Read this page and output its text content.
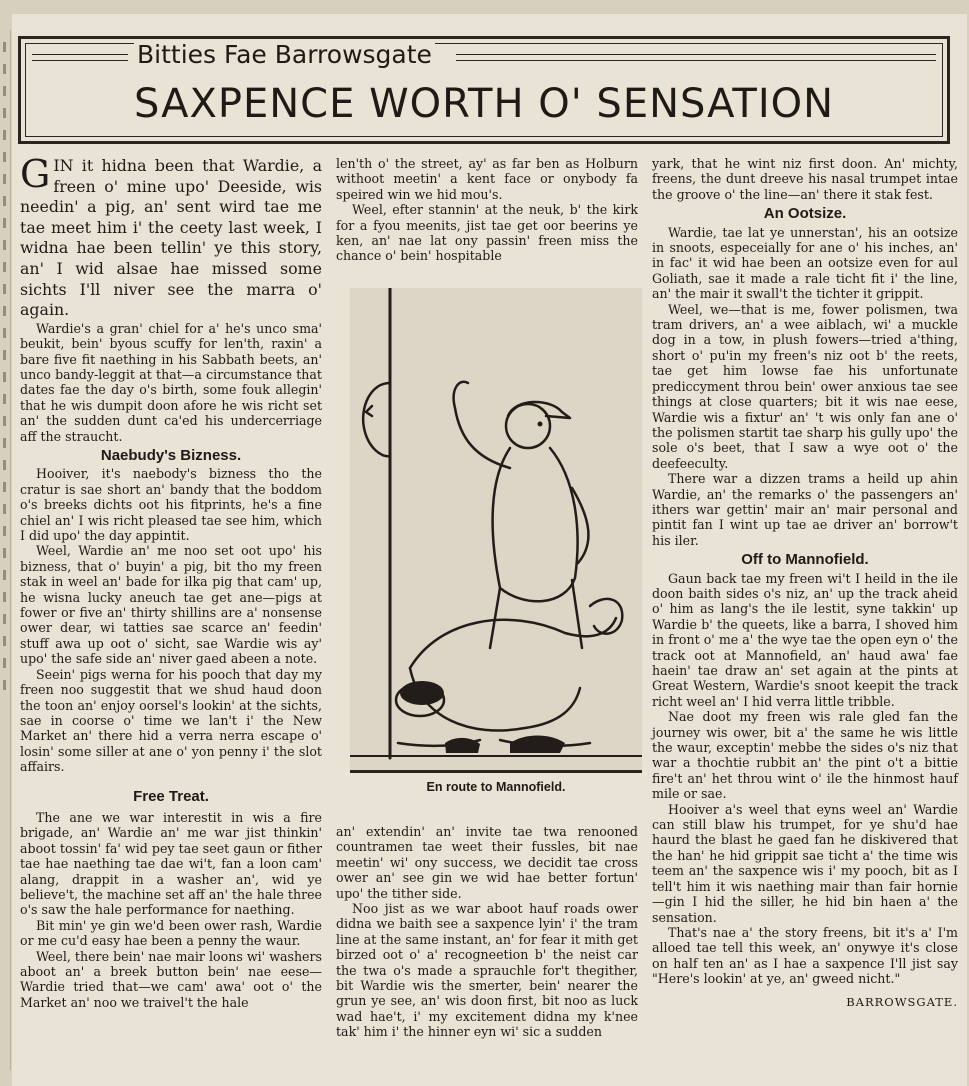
Bitties Fae Barrowsgate
SAXPENCE WORTH O' SENSATION

GIN it hidna been that Wardie, a freen o' mine upo' Deeside, wis needin' a pig, an' sent wird tae me tae meet him i' the ceety last week, I widna hae been tellin' ye this story, an' I wid alsae hae missed some sichts I'll niver see the marra o' again.

Wardie's a gran' chiel for a' he's unco sma' beukit, bein' byous scuffy for len'th, raxin' a bare five fit naething in his Sabbath beets, an' unco bandy-leggit at that—a circumstance that dates fae the day o's birth, some fouk allegin' that he wis dumpit doon afore he wis richt set an' the sudden dunt ca'ed his undercerriage aff the straucht.

Naebudy's Bizness.

Hooiver, it's naebody's bizness tho the cratur is sae short an' bandy that the boddom o's breeks dichts oot his fitprints, he's a fine chiel an' I wis richt pleased tae see him, which I did upo' the day appintit.

Weel, Wardie an' me noo set oot upo' his bizness, that o' buyin' a pig, bit tho my freen stak in weel an' bade for ilka pig that cam' up, he wisna lucky aneuch tae get ane—pigs at fower or five an' thirty shillins are a' nonsense ower dear, wi tatties sae scarce an' feedin' stuff awa up oot o' sicht, sae Wardie wis ay' upo' the safe side an' niver gaed abeen a note.

Seein' pigs werna for his pooch that day my freen noo suggestit that we shud haud doon the toon an' enjoy oorsel's lookin' at the sichts, sae in coorse o' time we lan't i' the New Market an' there hid a verra nerra escape o' losin' some siller at ane o' yon penny i' the slot affairs.

Free Treat.

The ane we war interestit in wis a fire brigade, an' Wardie an' me war jist thinkin' aboot tossin' fa' wid pey tae seet gaun or fither tae hae naething tae dae wi't, fan a loon cam' alang, drappit in a washer an', wid ye believe't, the machine set aff an' the hale three o's saw the hale performance for naething.

Bit min' ye gin we'd been ower rash, Wardie or me cu'd easy hae been a penny the waur.

Weel, there bein' nae mair loons wi' washers aboot an' a breek button bein' nae eese—Wardie tried that—we cam' awa' oot o' the Market an' noo we traivel't the hale

len'th o' the street, ay' as far ben as Holburn withoot meetin' a kent face or onybody fa speired win we hid mou's.

Weel, efter stannin' at the neuk, b' the kirk for a fyou meenits, jist tae get oor beerins ye ken, an' nae lat ony passin' freen miss the chance o' bein' hospitable

En route to Mannofield.

an' extendin' an' invite tae twa renooned countramen tae weet their fussles, bit nae meetin' wi' ony success, we decidit tae cross ower an' see gin we wid hae better fortun' upo' the tither side.

Noo jist as we war aboot hauf roads ower didna we baith see a saxpence lyin' i' the tram line at the same instant, an' for fear it mith get birzed oot o' a' recogneetion b' the neist car the twa o's made a sprauchle for't thegither, bit Wardie wis the smerter, bein' nearer the grun ye see, an' wis doon first, bit noo as luck wad hae't, i' my excitement didna my k'nee tak' him i' the hinner eyn wi' sic a sudden

yark, that he wint niz first doon. An' michty, freens, the dunt dreeve his nasal trumpet intae the groove o' the line—an' there it stak fest.

An Ootsize.

Wardie, tae lat ye unnerstan', his an ootsize in snoots, especeially for ane o' his inches, an' in fac' it wid hae been an ootsize even for aul Goliath, sae it made a rale ticht fit i' the line, an' the mair it swall't the tichter it grippit.

Weel, we—that is me, fower polismen, twa tram drivers, an' a wee aiblach, wi' a muckle dog in a tow, in plush fowers—tried a'thing, short o' pu'in my freen's niz oot b' the reets, tae get him lowse fae his unfortunate prediccyment throu bein' ower anxious tae see things at close quarters; bit it wis nae eese, Wardie wis a fixtur' an' 't wis only fan ane o' the polismen startit tae sharp his gully upo' the sole o's beet, that I saw a wye oot o' the deefeeculty.

There war a dizzen trams a heild up ahin Wardie, an' the remarks o' the passengers an' ithers war gettin' mair an' mair personal and pintit fan I wint up tae ae driver an' borrow't his iler.

Off to Mannofield.

Gaun back tae my freen wi't I heild in the ile doon baith sides o's niz, an' up the track aheid o' him as lang's the ile lestit, syne takkin' up Wardie b' the queets, like a barra, I shoved him in front o' me a' the wye tae the open eyn o' the track oot at Mannofield, an' haud awa' fae haein' tae draw an' set again at the pints at Great Western, Wardie's snoot keepit the track richt weel an' I hid verra little tribble.

Nae doot my freen wis rale gled fan the journey wis ower, bit a' the same he wis little the waur, exceptin' mebbe the sides o's niz that war a thochtie rubbit an' the pint o't a bittie fire't an' het throu wint o' ile the hinmost hauf mile or sae.

Hooiver a's weel that eyns weel an' Wardie can still blaw his trumpet, for ye shu'd hae haurd the blast he gaed fan he diskivered that the han' he hid grippit sae ticht a' the time wis teem an' the saxpence wis i' my pooch, bit as I tell't him it wis naething mair than fair hornie—gin I hid the siller, he hid bin haen a' the sensation.

That's nae a' the story freens, bit it's a' I'm alloed tae tell this week, an' onywye it's close on half ten an' as I hae a saxpence I'll jist say "Here's lookin' at ye, an' gweed nicht."

BARROWSGATE.
